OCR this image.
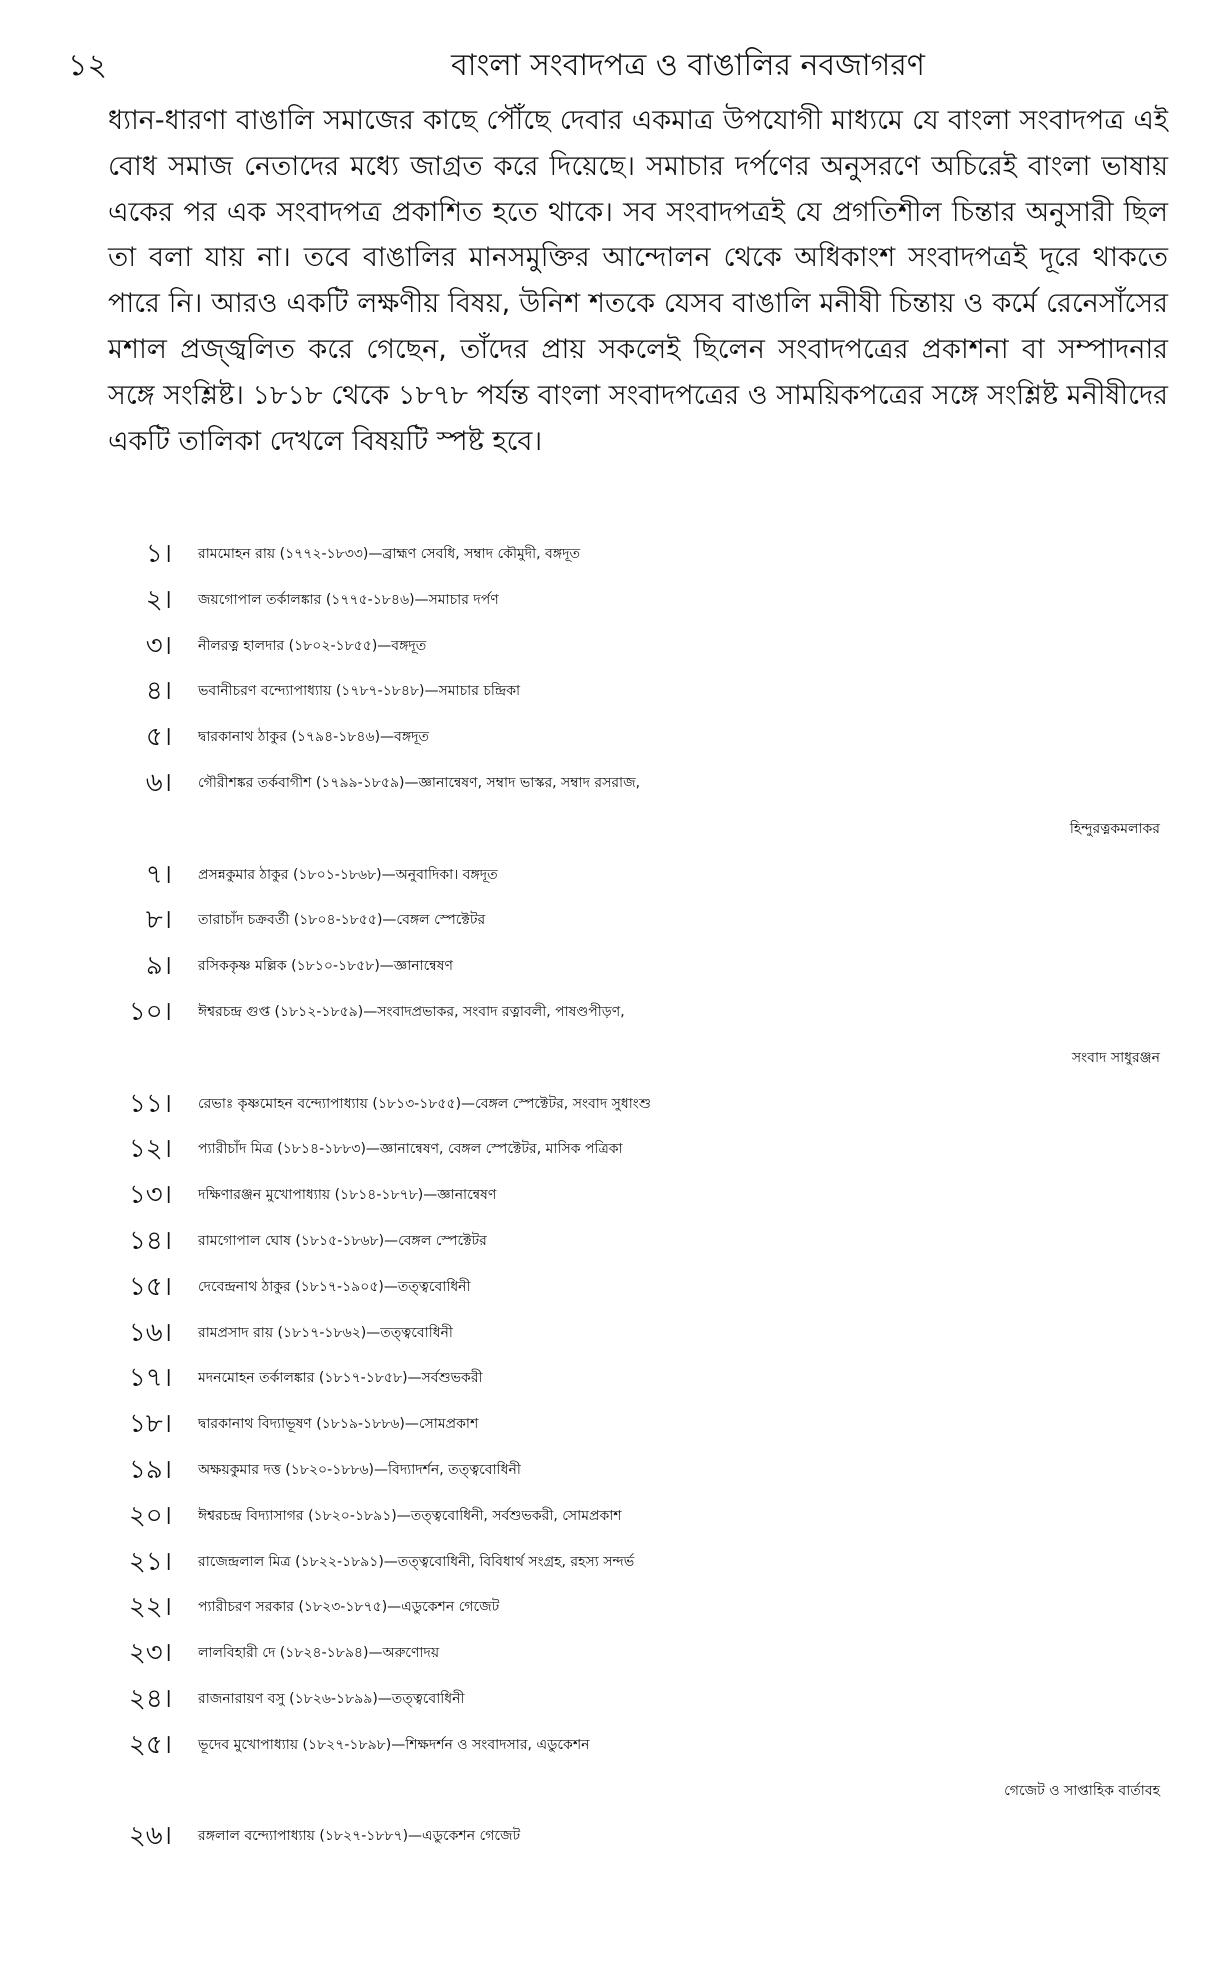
১২	বাংলা সংবাদপত্র ও বাঙালির নবজাগরণ

ধ্যান-ধারণা বাঙালি সমাজের কাছে পৌঁছে দেবার একমাত্র উপযোগী মাধ্যমে যে বাংলা সংবাদপত্র এই বোধ সমাজ নেতাদের মধ্যে জাগ্রত করে দিয়েছে। সমাচার দর্পণের অনুসরণে অচিরেই বাংলা ভাষায় একের পর এক সংবাদপত্র প্রকাশিত হতে থাকে। সব সংবাদপত্রই যে প্রগতিশীল চিন্তার অনুসারী ছিল তা বলা যায় না। তবে বাঙালির মানসমুক্তির আন্দোলন থেকে অধিকাংশ সংবাদপত্রই দূরে থাকতে পারে নি। আরও একটি লক্ষণীয় বিষয়, উনিশ শতকে যেসব বাঙালি মনীষী চিন্তায় ও কর্মে রেনেসাঁসের মশাল প্রজ্জ্বলিত করে গেছেন, তাঁদের প্রায় সকলেই ছিলেন সংবাদপত্রের প্রকাশনা বা সম্পাদনার সঙ্গে সংশ্লিষ্ট। ১৮১৮ থেকে ১৮৭৮ পর্যন্ত বাংলা সংবাদপত্রের ও সাময়িকপত্রের সঙ্গে সংশ্লিষ্ট মনীষীদের একটি তালিকা দেখলে বিষয়টি স্পষ্ট হবে।

১। রামমোহন রায় (১৭৭২-১৮৩৩)—ব্রাহ্মণ সেবধি, সম্বাদ কৌমুদী, বঙ্গদূত
২। জয়গোপাল তর্কালঙ্কার (১৭৭৫-১৮৪৬)—সমাচার দর্পণ
৩। নীলরত্ন হালদার (১৮০২-১৮৫৫)—বঙ্গদূত
৪। ভবানীচরণ বন্দ্যোপাধ্যায় (১৭৮৭-১৮৪৮)—সমাচার চন্দ্রিকা
৫। দ্বারকানাথ ঠাকুর (১৭৯৪-১৮৪৬)—বঙ্গদূত
৬। গৌরীশঙ্কর তর্কবাগীশ (১৭৯৯-১৮৫৯)—জ্ঞানান্বেষণ, সম্বাদ ভাস্কর, সম্বাদ রসরাজ,
হিন্দুরত্নকমলাকর
৭। প্রসন্নকুমার ঠাকুর (১৮০১-১৮৬৮)—অনুবাদিকা। বঙ্গদূত
৮। তারাচাঁদ চক্রবর্তী (১৮০৪-১৮৫৫)—বেঙ্গল স্পেক্টেটর
৯। রসিককৃষ্ণ মল্লিক (১৮১০-১৮৫৮)—জ্ঞানান্বেষণ
১০। ঈশ্বরচন্দ্র গুপ্ত (১৮১২-১৮৫৯)—সংবাদপ্রভাকর, সংবাদ রত্নাবলী, পাষণ্ডপীড়ণ,
সংবাদ সাধুরঞ্জন
১১। রেভাঃ কৃষ্ণমোহন বন্দ্যোপাধ্যায় (১৮১৩-১৮৫৫)—বেঙ্গল স্পেক্টেটর, সংবাদ সুধাংশু
১২। প্যারীচাঁদ মিত্র (১৮১৪-১৮৮৩)—জ্ঞানান্বেষণ, বেঙ্গল স্পেক্টেটর, মাসিক পত্রিকা
১৩। দক্ষিণারঞ্জন মুখোপাধ্যায় (১৮১৪-১৮৭৮)—জ্ঞানান্বেষণ
১৪। রামগোপাল ঘোষ (১৮১৫-১৮৬৮)—বেঙ্গল স্পেক্টেটর
১৫। দেবেন্দ্রনাথ ঠাকুর (১৮১৭-১৯০৫)—তত্ত্ববোধিনী
১৬। রামপ্রসাদ রায় (১৮১৭-১৮৬২)—তত্ত্ববোধিনী
১৭। মদনমোহন তর্কালঙ্কার (১৮১৭-১৮৫৮)—সর্বশুভকরী
১৮। দ্বারকানাথ বিদ্যাভূষণ (১৮১৯-১৮৮৬)—সোমপ্রকাশ
১৯। অক্ষয়কুমার দত্ত (১৮২০-১৮৮৬)—বিদ্যাদর্শন, তত্ত্ববোধিনী
২০। ঈশ্বরচন্দ্র বিদ্যাসাগর (১৮২০-১৮৯১)—তত্ত্ববোধিনী, সর্বশুভকরী, সোমপ্রকাশ
২১। রাজেন্দ্রলাল মিত্র (১৮২২-১৮৯১)—তত্ত্ববোধিনী, বিবিধার্থ সংগ্রহ, রহস্য সন্দর্ভ
২২। প্যারীচরণ সরকার (১৮২৩-১৮৭৫)—এডুকেশন গেজেট
২৩। লালবিহারী দে (১৮২৪-১৮৯৪)—অরুণোদয়
২৪। রাজনারায়ণ বসু (১৮২৬-১৮৯৯)—তত্ত্ববোধিনী
২৫। ভূদেব মুখোপাধ্যায় (১৮২৭-১৮৯৮)—শিক্ষদর্শন ও সংবাদসার, এডুকেশন
গেজেট ও সাপ্তাহিক বার্তাবহ
২৬। রঙ্গলাল বন্দ্যোপাধ্যায় (১৮২৭-১৮৮৭)—এডুকেশন গেজেট
